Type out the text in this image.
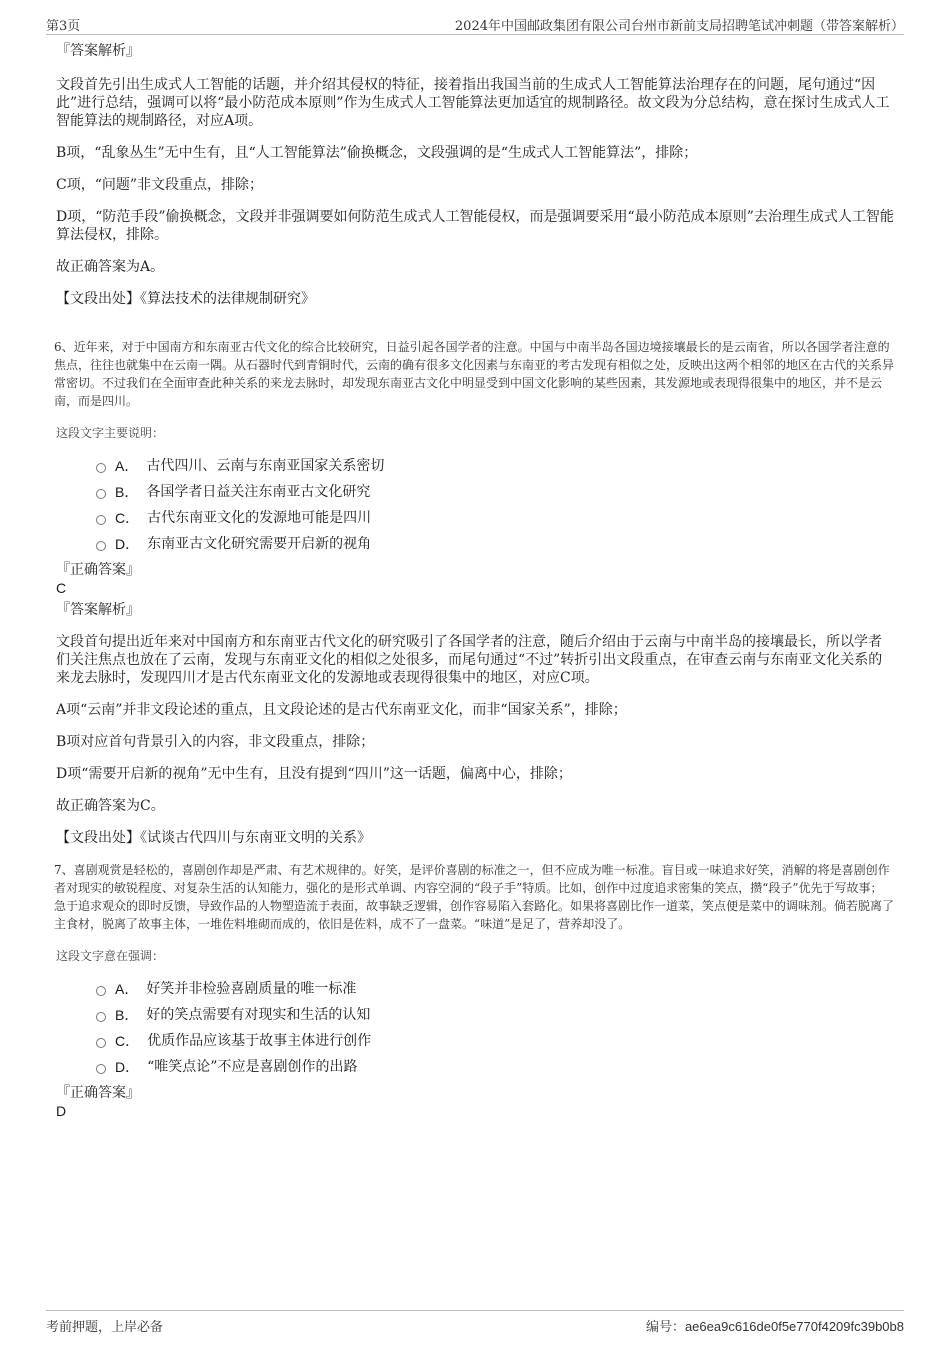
第3页	2024年中国邮政集团有限公司台州市新前支局招聘笔试冲刺题（带答案解析）

『答案解析』

文段首先引出生成式人工智能的话题，并介绍其侵权的特征，接着指出我国当前的生成式人工智能算法治理存在的问题，尾句通过“因此”进行总结，强调可以将“最小防范成本原则”作为生成式人工智能算法更加适宜的规制路径。故文段为分总结构，意在探讨生成式人工智能算法的规制路径，对应A项。

B项，“乱象丛生”无中生有，且“人工智能算法”偷换概念，文段强调的是“生成式人工智能算法”，排除；

C项，“问题”非文段重点，排除；

D项，“防范手段”偷换概念，文段并非强调要如何防范生成式人工智能侵权，而是强调要采用“最小防范成本原则”去治理生成式人工智能算法侵权，排除。

故正确答案为A。

【文段出处】《算法技术的法律规制研究》

6、近年来，对于中国南方和东南亚古代文化的综合比较研究，日益引起各国学者的注意。中国与中南半岛各国边境接壤最长的是云南省，所以各国学者注意的焦点，往往也就集中在云南一隅。从石器时代到青铜时代，云南的确有很多文化因素与东南亚的考古发现有相似之处，反映出这两个相邻的地区在古代的关系异常密切。不过我们在全面审查此种关系的来龙去脉时，却发现东南亚古文化中明显受到中国文化影响的某些因素，其发源地或表现得很集中的地区，并不是云南，而是四川。

这段文字主要说明：

A． 古代四川、云南与东南亚国家关系密切
B． 各国学者日益关注东南亚古文化研究
C． 古代东南亚文化的发源地可能是四川
D． 东南亚古文化研究需要开启新的视角

『正确答案』

C

『答案解析』

文段首句提出近年来对中国南方和东南亚古代文化的研究吸引了各国学者的注意，随后介绍由于云南与中南半岛的接壤最长，所以学者们关注焦点也放在了云南，发现与东南亚文化的相似之处很多，而尾句通过“不过”转折引出文段重点，在审查云南与东南亚文化关系的来龙去脉时，发现四川才是古代东南亚文化的发源地或表现得很集中的地区，对应C项。

A项“云南”并非文段论述的重点，且文段论述的是古代东南亚文化，而非“国家关系”，排除；

B项对应首句背景引入的内容，非文段重点，排除；

D项“需要开启新的视角”无中生有，且没有提到“四川”这一话题，偏离中心，排除；

故正确答案为C。

【文段出处】《试谈古代四川与东南亚文明的关系》

7、喜剧观赏是轻松的，喜剧创作却是严肃、有艺术规律的。好笑，是评价喜剧的标准之一，但不应成为唯一标准。盲目或一味追求好笑，消解的将是喜剧创作者对现实的敏锐程度、对复杂生活的认知能力，强化的是形式单调、内容空洞的“段子手”特质。比如，创作中过度追求密集的笑点，攒“段子”优先于写故事；急于追求观众的即时反馈，导致作品的人物塑造流于表面，故事缺乏逻辑，创作容易陷入套路化。如果将喜剧比作一道菜，笑点便是菜中的调味剂。倘若脱离了主食材，脱离了故事主体，一堆佐料堆砌而成的，依旧是佐料，成不了一盘菜。“味道”是足了，营养却没了。

这段文字意在强调：

A． 好笑并非检验喜剧质量的唯一标准
B． 好的笑点需要有对现实和生活的认知
C． 优质作品应该基于故事主体进行创作
D． “唯笑点论”不应是喜剧创作的出路

『正确答案』

D

考前押题，上岸必备	编号：ae6ea9c616de0f5e770f4209fc39b0b8
